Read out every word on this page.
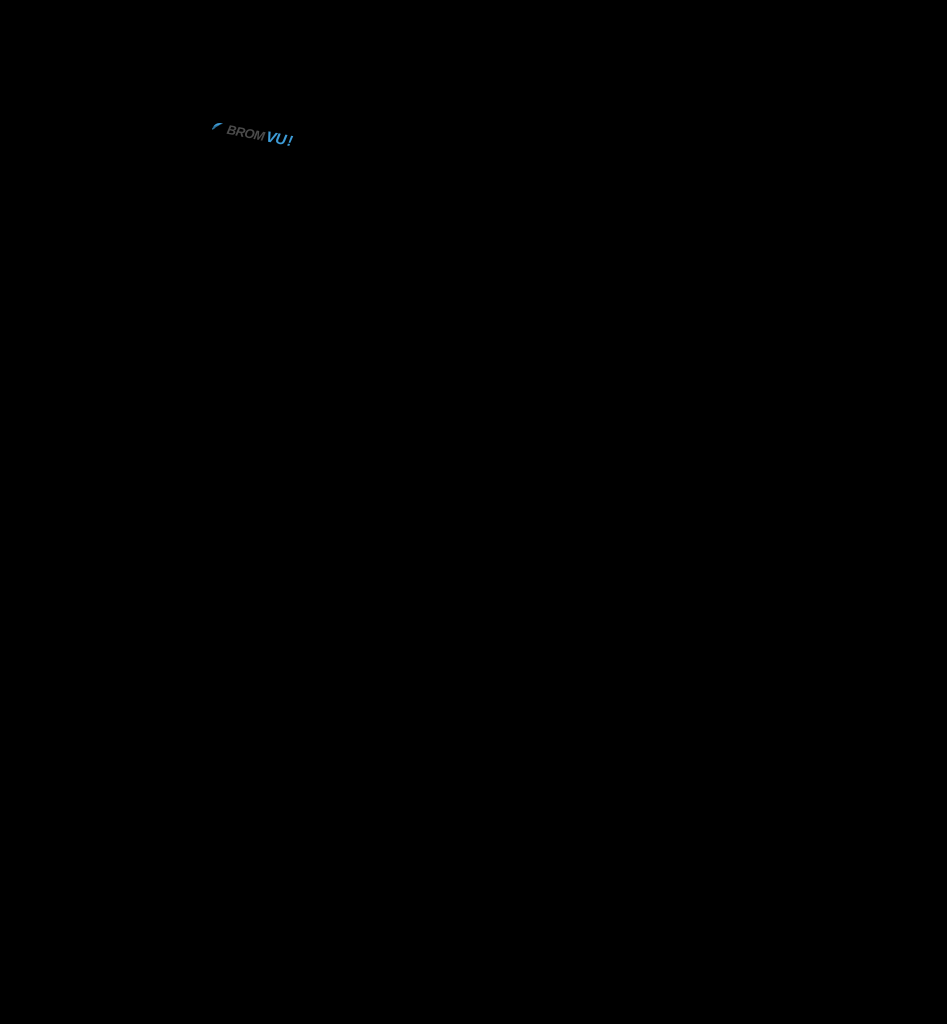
BROM
VU
!
